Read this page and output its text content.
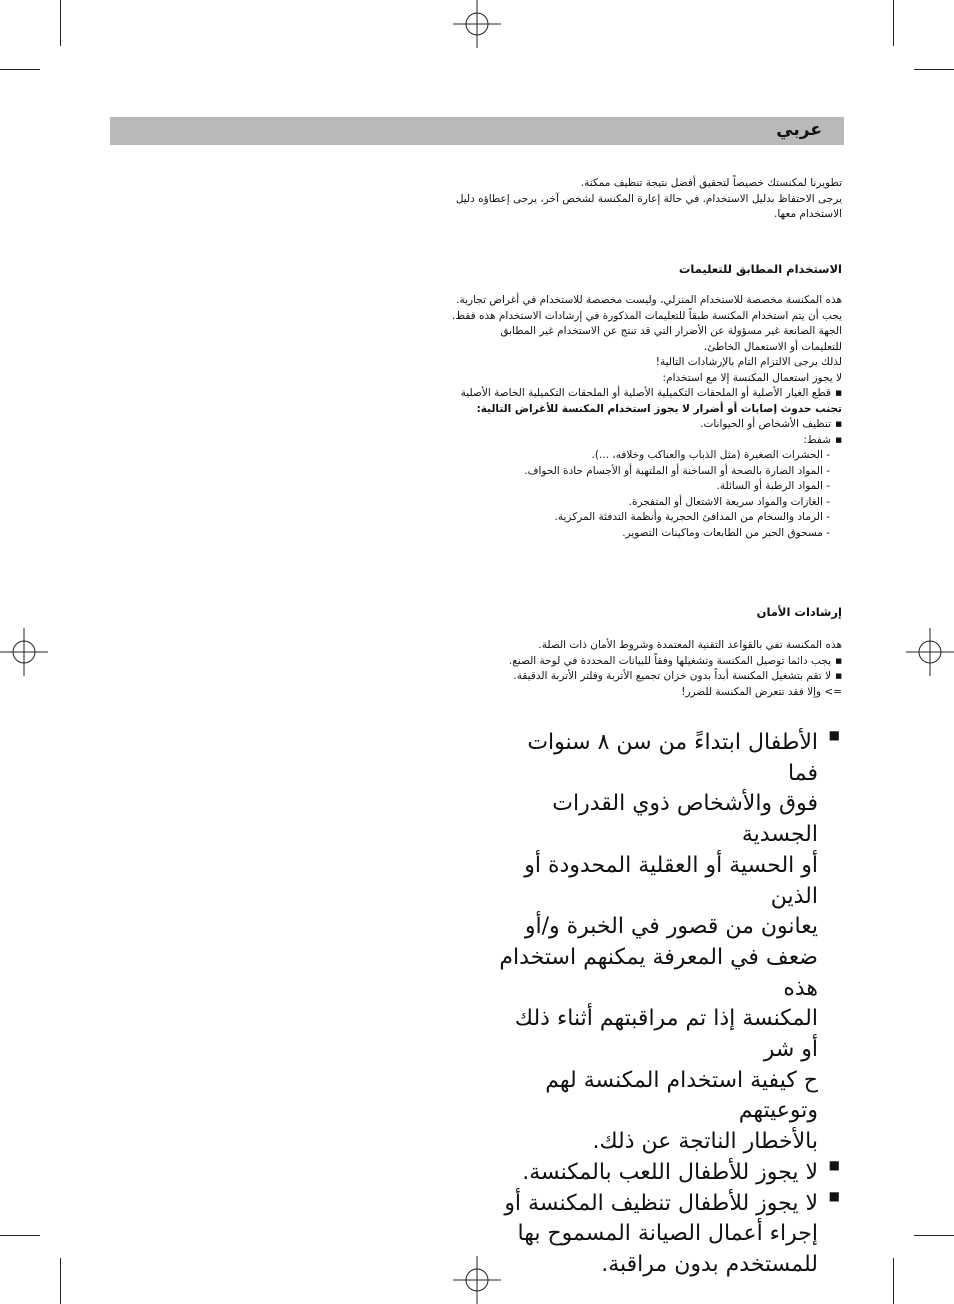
عربي

تطويرنا لمكنستك خصيصاً لتحقيق أفضل نتيجة تنظيف ممكنة.

يرجى الاحتفاظ بدليل الاستخدام. في حالة إعارة المكنسة لشخص آخر، يرجى إعطاؤه دليل

الاستخدام معها.

الاستخدام المطابق للتعليمات

هذه المكنسة مخصصة للاستخدام المنزلي، وليست مخصصة للاستخدام في أغراض تجارية.

يجب أن يتم استخدام المكنسة طبقاً للتعليمات المذكورة في إرشادات الاستخدام هذه فقط.

الجهة الصانعة غير مسؤولة عن الأضرار التي قد تنتج عن الاستخدام غير المطابق

للتعليمات أو الاستعمال الخاطئ.

لذلك يرجى الالتزام التام بالإرشادات التالية!

لا يجوز استعمال المكنسة إلا مع استخدام:

■ قطع الغيار الأصلية أو الملحقات التكميلية الأصلية أو الملحقات التكميلية الخاصة الأصلية

تجنب حدوث إصابات أو أضرار لا يجوز استخدام المكنسة للأغراض التالية:

■ تنظيف الأشخاص أو الحيوانات.

■ شفط:

- الحشرات الصغيرة (مثل الذباب والعناكب وخلافه، ...).

- المواد الضارة بالصحة أو الساخنة أو الملتهبة أو الأجسام حادة الحواف.

- المواد الرطبة أو السائلة.

- الغازات والمواد سريعة الاشتعال أو المتفجرة.

- الرماد والسخام من المدافئ الحجرية وأنظمة التدفئة المركزية.

- مسحوق الحبر من الطابعات وماكينات التصوير.

إرشادات الأمان

هذه المكنسة تفي بالقواعد التقنية المعتمدة وشروط الأمان ذات الصلة.

■ يجب دائما توصيل المكنسة وتشغيلها وفقاً للبيانات المحددة في لوحة الصنع.

■ لا تقم بتشغيل المكنسة أبداً بدون خزان تجميع الأتربة وفلتر الأتربة الدقيقة.

=> وإلا فقد تتعرض المكنسة للضرر!

■ الأطفال ابتداءً من سن ٨ سنوات فما

فوق والأشخاص ذوي القدرات الجسدية

أو الحسية أو العقلية المحدودة أو الذين

يعانون من قصور في الخبرة و/أو

ضعف في المعرفة يمكنهم استخدام هذه

المكنسة إذا تم مراقبتهم أثناء ذلك أو شر

ح كيفية استخدام المكنسة لهم وتوعيتهم

بالأخطار الناتجة عن ذلك.

■ لا يجوز للأطفال اللعب بالمكنسة.

■ لا يجوز للأطفال تنظيف المكنسة أو

إجراء أعمال الصيانة المسموح بها

للمستخدم بدون مراقبة.
